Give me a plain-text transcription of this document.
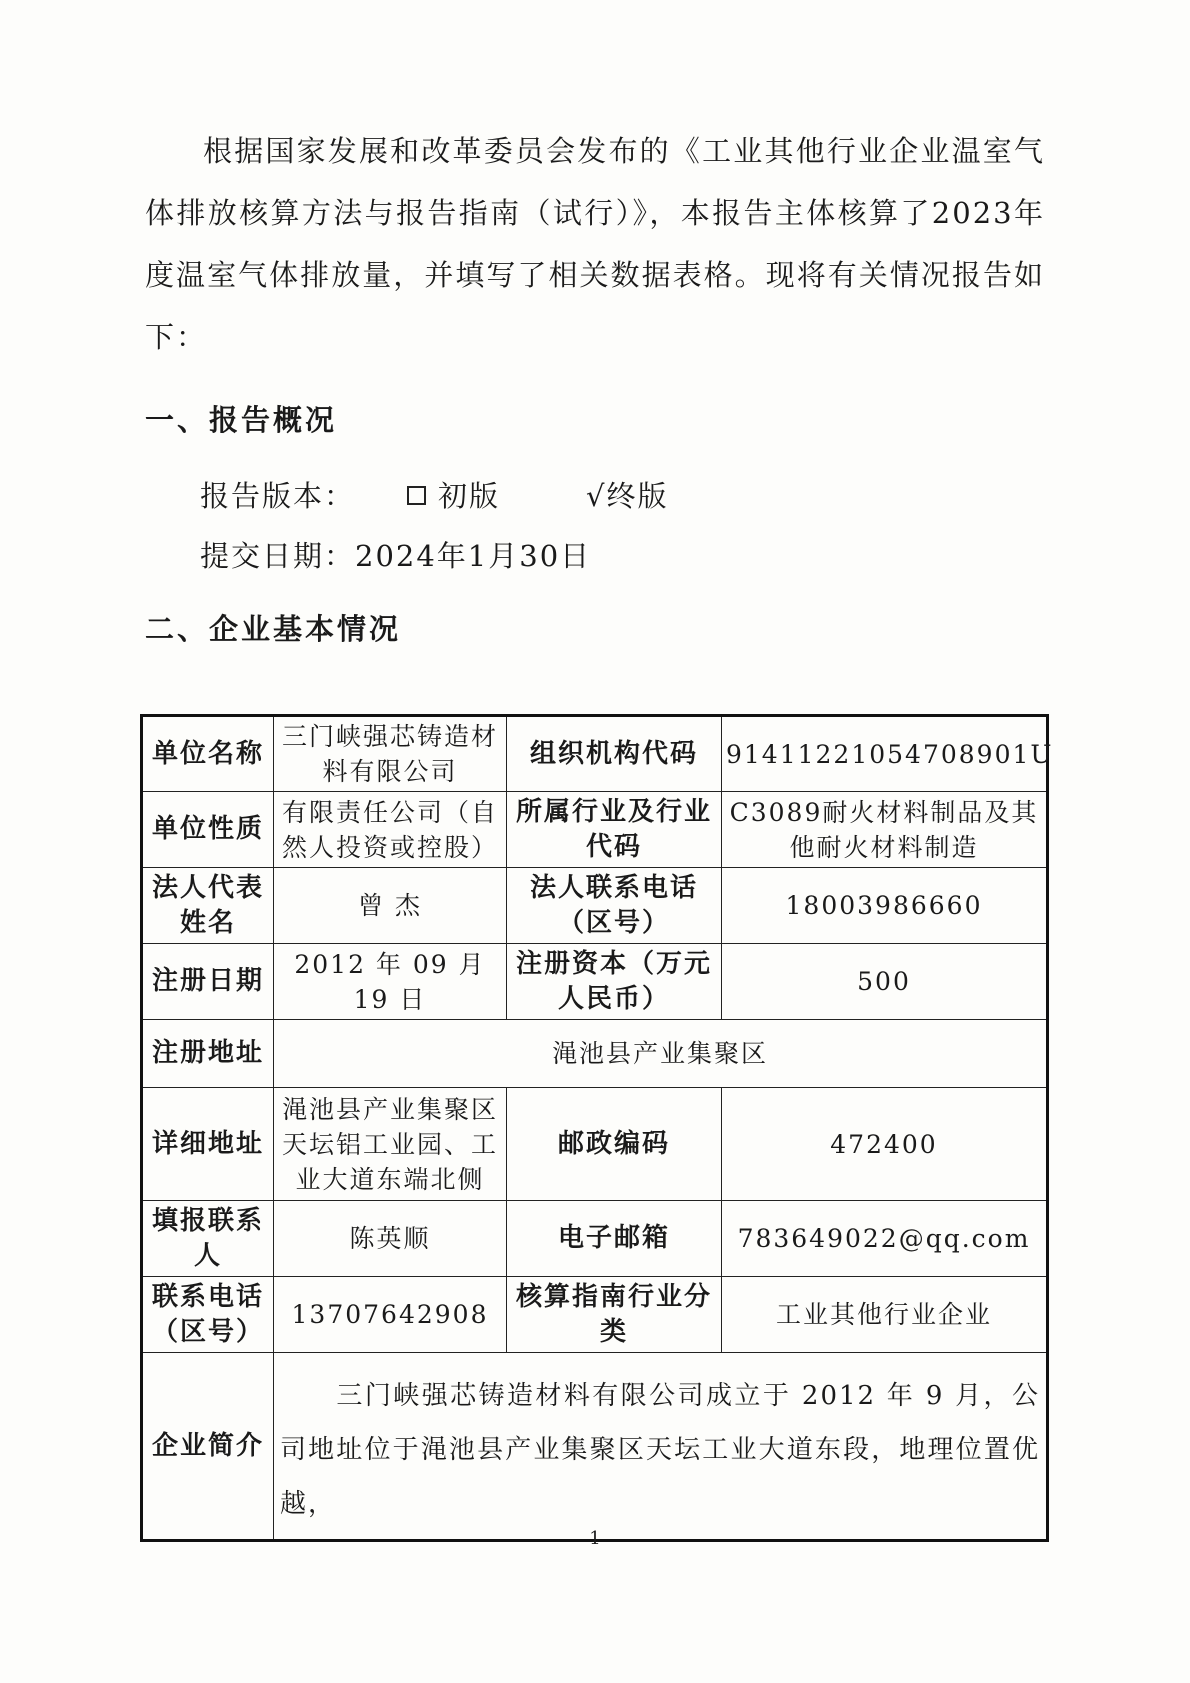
根据国家发展和改革委员会发布的《工业其他行业企业温室气体排放核算方法与报告指南（试行）》，本报告主体核算了2023年度温室气体排放量，并填写了相关数据表格。现将有关情况报告如下：

一、报告概况

报告版本：	初版	√终版

提交日期：2024年1月30日

二、企业基本情况

单位名称	三门峡强芯铸造材料有限公司	组织机构代码	91411221054708901U
单位性质	有限责任公司（自然人投资或控股）	所属行业及行业代码	C3089耐火材料制品及其他耐火材料制造
法人代表姓名	曾 杰	法人联系电话（区号）	18003986660
注册日期	2012 年 09 月 19 日	注册资本（万元人民币）	500
注册地址	渑池县产业集聚区		
详细地址	渑池县产业集聚区天坛铝工业园、工业大道东端北侧	邮政编码	472400
填报联系人	陈英顺	电子邮箱	783649022@qq.com
联系电话（区号）	13707642908	核算指南行业分类	工业其他行业企业
企业简介	三门峡强芯铸造材料有限公司成立于 2012 年 9 月，公司地址位于渑池县产业集聚区天坛工业大道东段，地理位置优越，		

1
